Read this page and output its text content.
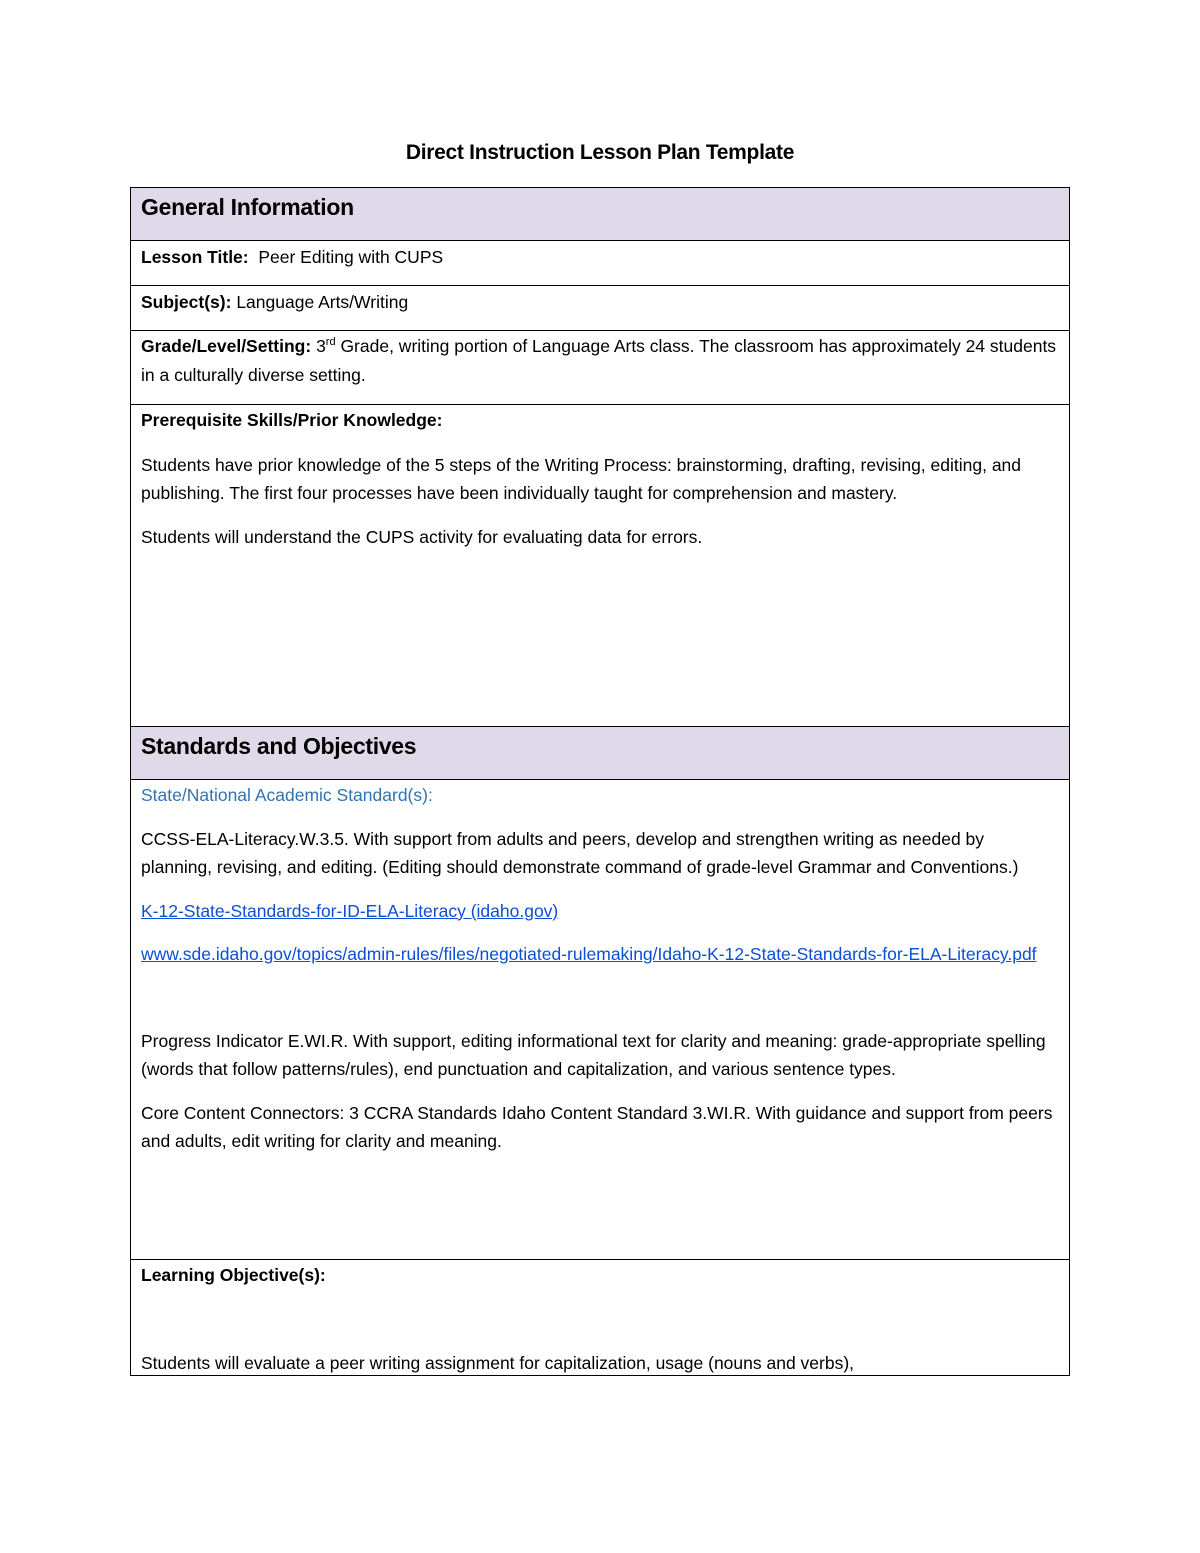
Direct Instruction Lesson Plan Template
General Information
Lesson Title: Peer Editing with CUPS
Subject(s): Language Arts/Writing
Grade/Level/Setting: 3rd Grade, writing portion of Language Arts class. The classroom has approximately 24 students in a culturally diverse setting.

Prerequisite Skills/Prior Knowledge:

Students have prior knowledge of the 5 steps of the Writing Process: brainstorming, drafting, revising, editing, and publishing. The first four processes have been individually taught for comprehension and mastery.

Students will understand the CUPS activity for evaluating data for errors.

Standards and Objectives

State/National Academic Standard(s):

CCSS-ELA-Literacy.W.3.5. With support from adults and peers, develop and strengthen writing as needed by planning, revising, and editing. (Editing should demonstrate command of grade-level Grammar and Conventions.)

K-12-State-Standards-for-ID-ELA-Literacy (idaho.gov)

www.sde.idaho.gov/topics/admin-rules/files/negotiated-rulemaking/Idaho-K-12-State-Standards-for-ELA-Literacy.pdf

Progress Indicator E.WI.R. With support, editing informational text for clarity and meaning: grade-appropriate spelling (words that follow patterns/rules), end punctuation and capitalization, and various sentence types.

Core Content Connectors: 3 CCRA Standards Idaho Content Standard 3.WI.R. With guidance and support from peers and adults, edit writing for clarity and meaning.

Learning Objective(s):

Students will evaluate a peer writing assignment for capitalization, usage (nouns and verbs),
